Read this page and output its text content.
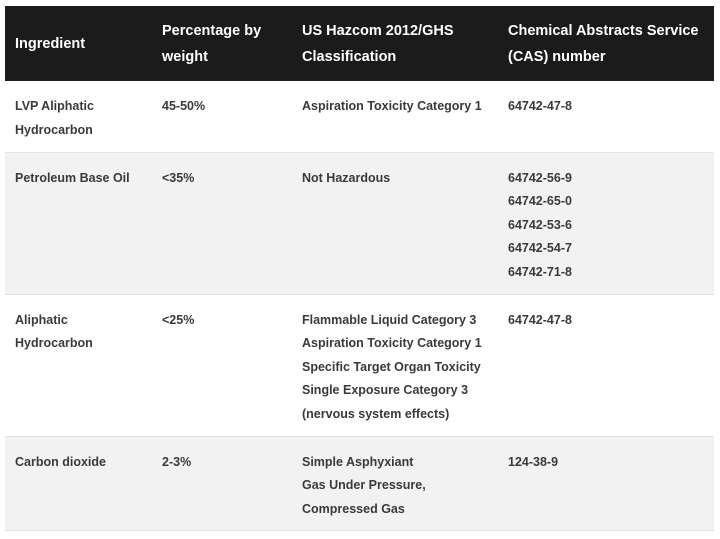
Ingredient	Percentage by weight	US Hazcom 2012/GHS Classification	Chemical Abstracts Service (CAS) number
LVP Aliphatic Hydrocarbon	45-50%	Aspiration Toxicity Category 1	64742-47-8

Petroleum Base Oil	<35%	Not Hazardous	64742-56-9
64742-65-0
64742-53-6
64742-54-7
64742-71-8

Aliphatic Hydrocarbon	<25%	Flammable Liquid Category 3
Aspiration Toxicity Category 1
Specific Target Organ Toxicity Single Exposure Category 3 (nervous system effects)	64742-47-8

Carbon dioxide	2-3%	Simple Asphyxiant
Gas Under Pressure, Compressed Gas	124-38-9
